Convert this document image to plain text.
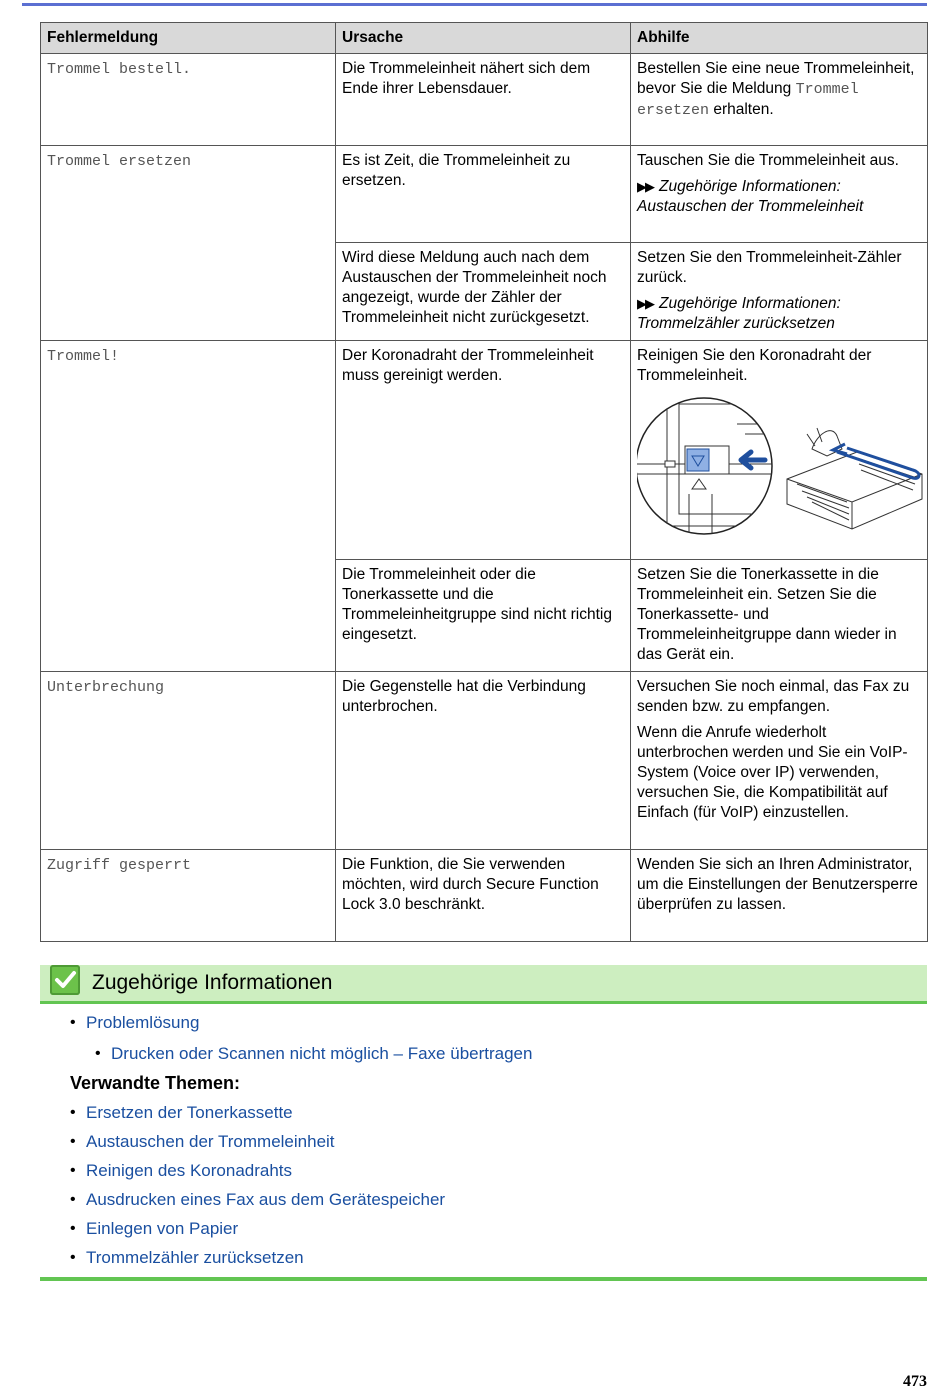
Fehlermeldung	Ursache	Abhilfe
Trommel bestell.	Die Trommeleinheit nähert sich dem Ende ihrer Lebensdauer.	Bestellen Sie eine neue Trommeleinheit, bevor Sie die Meldung Trommel ersetzen erhalten.
Trommel ersetzen	Es ist Zeit, die Trommeleinheit zu ersetzen.	Tauschen Sie die Trommeleinheit aus.
▶▶ Zugehörige Informationen: Austauschen der Trommeleinheit

	Wird diese Meldung auch nach dem Austauschen der Trommeleinheit noch angezeigt, wurde der Zähler der Trommeleinheit nicht zurückgesetzt.	Setzen Sie den Trommeleinheit-Zähler zurück.
▶▶ Zugehörige Informationen: Trommelzähler zurücksetzen

Trommel!	Der Koronadraht der Trommeleinheit muss gereinigt werden.	Reinigen Sie den Koronadraht der Trommeleinheit.

	Die Trommeleinheit oder die Tonerkassette und die Trommeleinheitgruppe sind nicht richtig eingesetzt.	Setzen Sie die Tonerkassette in die Trommeleinheit ein. Setzen Sie die Tonerkassette- und Trommeleinheitgruppe dann wieder in das Gerät ein.
Unterbrechung	Die Gegenstelle hat die Verbindung unterbrochen.	Versuchen Sie noch einmal, das Fax zu senden bzw. zu empfangen.
Wenn die Anrufe wiederholt unterbrochen werden und Sie ein VoIP-System (Voice over IP) verwenden, versuchen Sie, die Kompatibilität auf Einfach (für VoIP) einzustellen.

Zugriff gesperrt	Die Funktion, die Sie verwenden möchten, wird durch Secure Function Lock 3.0 beschränkt.	Wenden Sie sich an Ihren Administrator, um die Einstellungen der Benutzersperre überprüfen zu lassen.
Zugehörige Informationen
• Problemlösung
• Drucken oder Scannen nicht möglich – Faxe übertragen
Verwandte Themen:
• Ersetzen der Tonerkassette
• Austauschen der Trommeleinheit
• Reinigen des Koronadrahts
• Ausdrucken eines Fax aus dem Gerätespeicher
• Einlegen von Papier
• Trommelzähler zurücksetzen
473
